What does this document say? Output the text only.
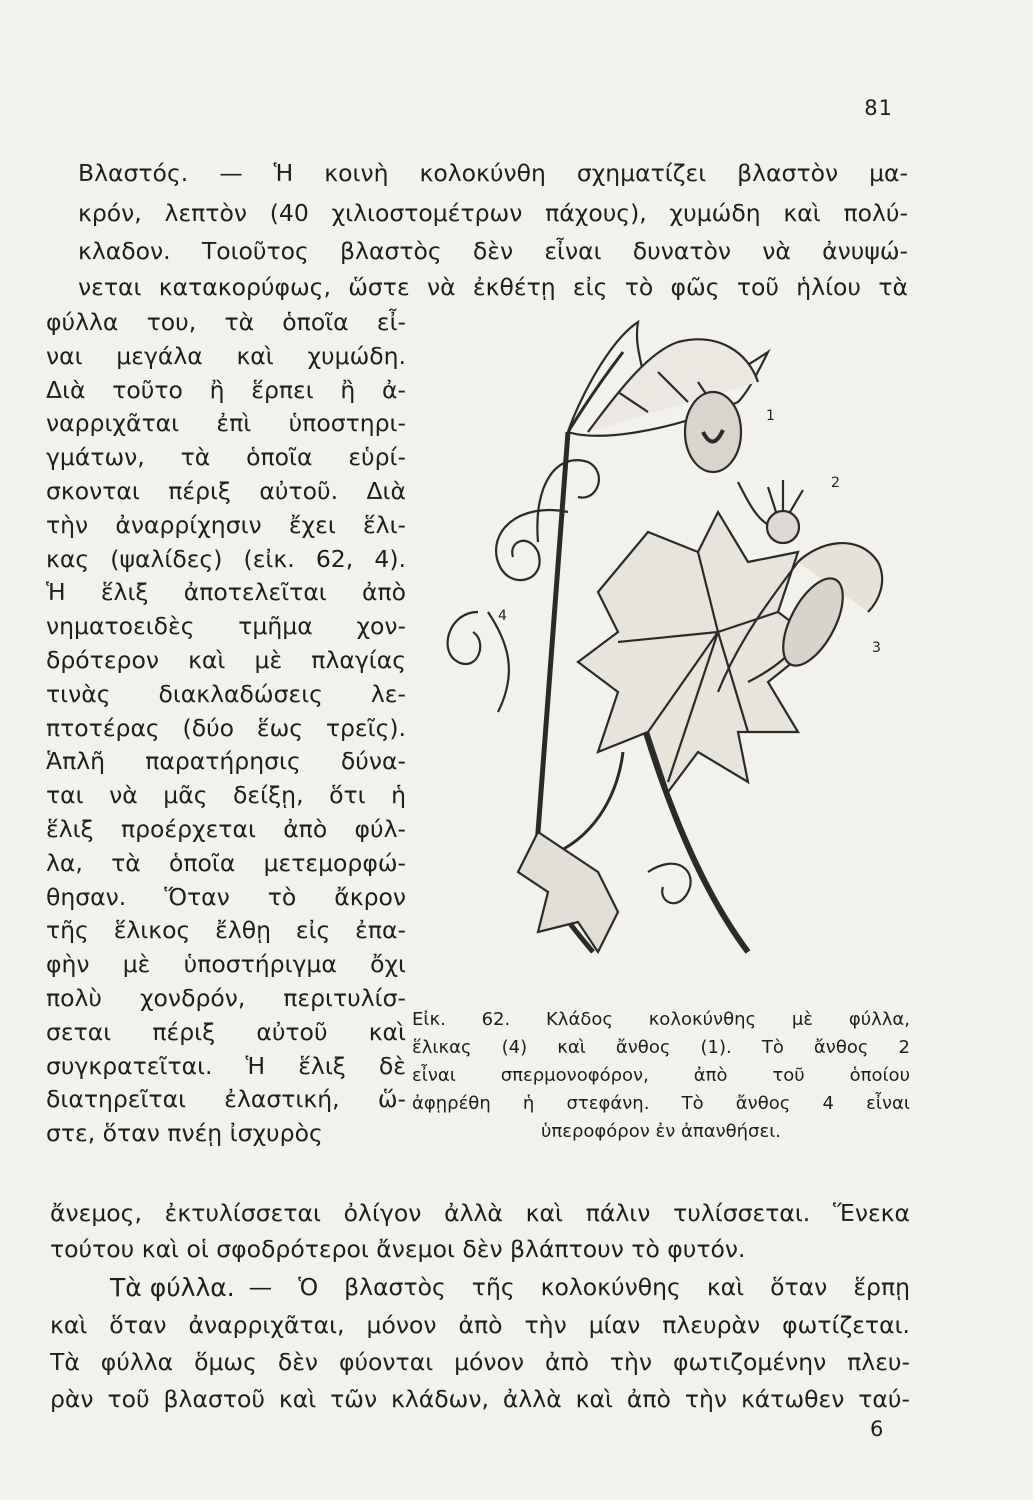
81
Βλαστός. — Ἡ κοινὴ κολοκύνθη σχηματίζει βλαστὸν μα-
κρόν, λεπτὸν (40 χιλιοστομέτρων πάχους), χυμώδη καὶ πολύ-
κλαδον. Τοιοῦτος βλαστὸς δὲν εἶναι δυνατὸν νὰ ἀνυψώ-
νεται κατακορύφως, ὥστε νὰ ἐκθέτῃ εἰς τὸ φῶς τοῦ ἡλίου τὰ
φύλλα του, τὰ ὁποῖα εἶ-
ναι μεγάλα καὶ χυμώδη.
Διὰ τοῦτο ἢ ἕρπει ἢ ἀ-
ναρριχᾶται ἐπὶ ὑποστηρι-
γμάτων, τὰ ὁποῖα εὑρί-
σκονται πέριξ αὐτοῦ. Διὰ
τὴν ἀναρρίχησιν ἔχει ἕλι-
κας (ψαλίδες) (εἰκ. 62, 4).
Ἡ ἕλιξ ἀποτελεῖται ἀπὸ
νηματοειδὲς τμῆμα χον-
δρότερον καὶ μὲ πλαγίας
τινὰς διακλαδώσεις λε-
πτοτέρας (δύο ἕως τρεῖς).
Ἁπλῆ παρατήρησις δύνα-
ται νὰ μᾶς δείξῃ, ὅτι ἡ
ἕλιξ προέρχεται ἀπὸ φύλ-
λα, τὰ ὁποῖα μετεμορφώ-
θησαν. Ὅταν τὸ ἄκρον
τῆς ἕλικος ἔλθῃ εἰς ἐπα-
φὴν μὲ ὑποστήριγμα ὄχι
πολὺ χονδρόν, περιτυλίσ-
σεται πέριξ αὐτοῦ καὶ
συγκρατεῖται. Ἡ ἕλιξ δὲ
διατηρεῖται ἐλαστική, ὥ-
στε, ὅταν πνέῃ ἰσχυρὸς
1
2
3
4
Εἰκ. 62. Κλάδος κολοκύνθης μὲ φύλλα,
ἕλικας (4) καὶ ἄνθος (1). Τὸ ἄνθος 2
εἶναι σπερμονοφόρον, ἀπὸ τοῦ ὁποίου
ἀφῃρέθη ἡ στεφάνη. Τὸ ἄνθος 4 εἶναι
ὑπεροφόρον ἐν ἀπανθήσει.
ἄνεμος, ἐκτυλίσσεται ὀλίγον ἀλλὰ καὶ πάλιν τυλίσσεται. Ἕνεκα
τούτου καὶ οἱ σφοδρότεροι ἄνεμοι δὲν βλάπτουν τὸ φυτόν.
Τὰ φύλλα. — Ὁ βλαστὸς τῆς κολοκύνθης καὶ ὅταν ἕρπῃ
καὶ ὅταν ἀναρριχᾶται, μόνον ἀπὸ τὴν μίαν πλευρὰν φωτίζεται.
Τὰ φύλλα ὅμως δὲν φύονται μόνον ἀπὸ τὴν φωτιζομένην πλευ-
ρὰν τοῦ βλαστοῦ καὶ τῶν κλάδων, ἀλλὰ καὶ ἀπὸ τὴν κάτωθεν ταύ-
6
